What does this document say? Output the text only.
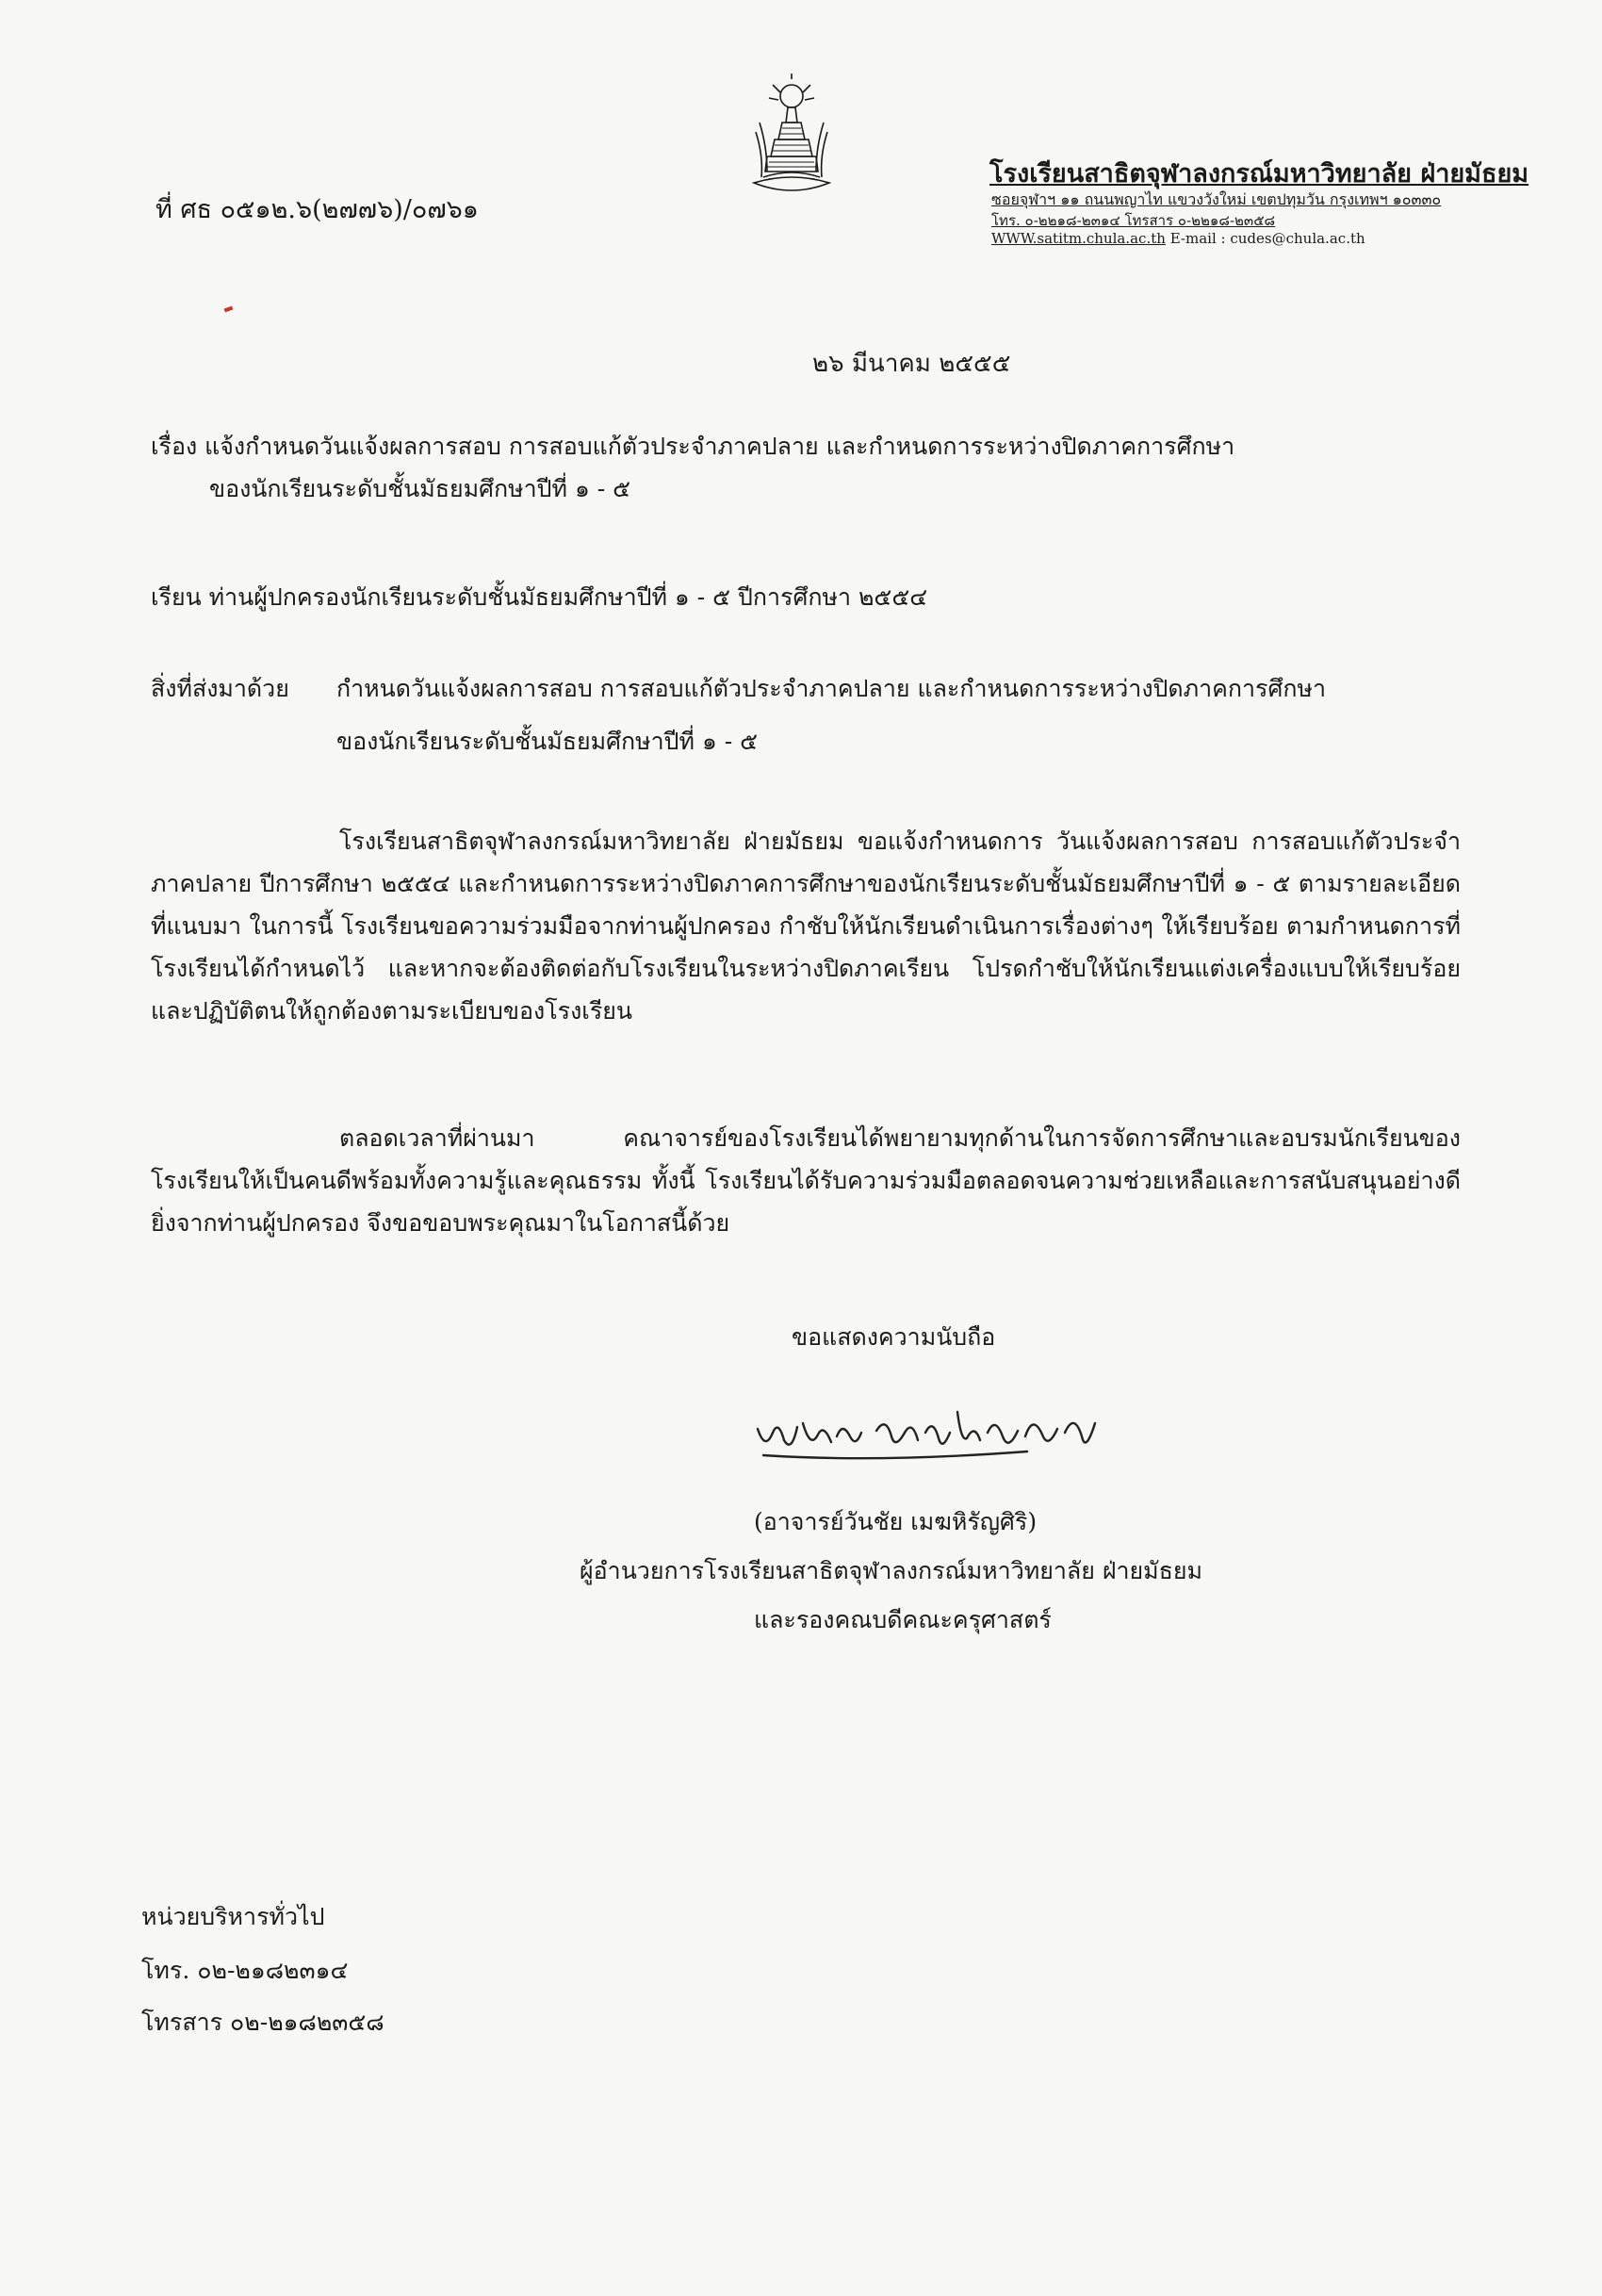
ที่ ศธ ๐๕๑๒.๖(๒๗๗๖)/๐๗๖๑
โรงเรียนสาธิตจุฬาลงกรณ์มหาวิทยาลัย ฝ่ายมัธยม
ซอยจุฬาฯ ๑๑ ถนนพญาไท แขวงวังใหม่ เขตปทุมวัน กรุงเทพฯ ๑๐๓๓๐
โทร. ๐-๒๒๑๘-๒๓๑๔ โทรสาร ๐-๒๒๑๘-๒๓๕๘
WWW.satitm.chula.ac.th E-mail : cudes@chula.ac.th
๒๖ มีนาคม ๒๕๕๕
เรื่อง แจ้งกำหนดวันแจ้งผลการสอบ การสอบแก้ตัวประจำภาคปลาย และกำหนดการระหว่างปิดภาคการศึกษา
ของนักเรียนระดับชั้นมัธยมศึกษาปีที่ ๑ - ๕
เรียน ท่านผู้ปกครองนักเรียนระดับชั้นมัธยมศึกษาปีที่ ๑ - ๕ ปีการศึกษา ๒๕๕๔
สิ่งที่ส่งมาด้วย กำหนดวันแจ้งผลการสอบ การสอบแก้ตัวประจำภาคปลาย และกำหนดการระหว่างปิดภาคการศึกษา
ของนักเรียนระดับชั้นมัธยมศึกษาปีที่ ๑ - ๕
โรงเรียนสาธิตจุฬาลงกรณ์มหาวิทยาลัย ฝ่ายมัธยม ขอแจ้งกำหนดการ วันแจ้งผลการสอบ การสอบแก้ตัวประจำภาคปลาย ปีการศึกษา ๒๕๕๔ และกำหนดการระหว่างปิดภาคการศึกษาของนักเรียนระดับชั้นมัธยมศึกษาปีที่ ๑ - ๕ ตามรายละเอียดที่แนบมา ในการนี้ โรงเรียนขอความร่วมมือจากท่านผู้ปกครอง กำชับให้นักเรียนดำเนินการเรื่องต่างๆ ให้เรียบร้อย ตามกำหนดการที่โรงเรียนได้กำหนดไว้ และหากจะต้องติดต่อกับโรงเรียนในระหว่างปิดภาคเรียน โปรดกำชับให้นักเรียนแต่งเครื่องแบบให้เรียบร้อย และปฏิบัติตนให้ถูกต้องตามระเบียบของโรงเรียน
ตลอดเวลาที่ผ่านมา คณาจารย์ของโรงเรียนได้พยายามทุกด้านในการจัดการศึกษาและอบรมนักเรียนของโรงเรียนให้เป็นคนดีพร้อมทั้งความรู้และคุณธรรม ทั้งนี้ โรงเรียนได้รับความร่วมมือตลอดจนความช่วยเหลือและการสนับสนุนอย่างดียิ่งจากท่านผู้ปกครอง จึงขอขอบพระคุณมาในโอกาสนี้ด้วย
ขอแสดงความนับถือ
(อาจารย์วันชัย เมฆหิรัญศิริ)
ผู้อำนวยการโรงเรียนสาธิตจุฬาลงกรณ์มหาวิทยาลัย ฝ่ายมัธยม
และรองคณบดีคณะครุศาสตร์
หน่วยบริหารทั่วไป
โทร. ๐๒-๒๑๘๒๓๑๔
โทรสาร ๐๒-๒๑๘๒๓๕๘
